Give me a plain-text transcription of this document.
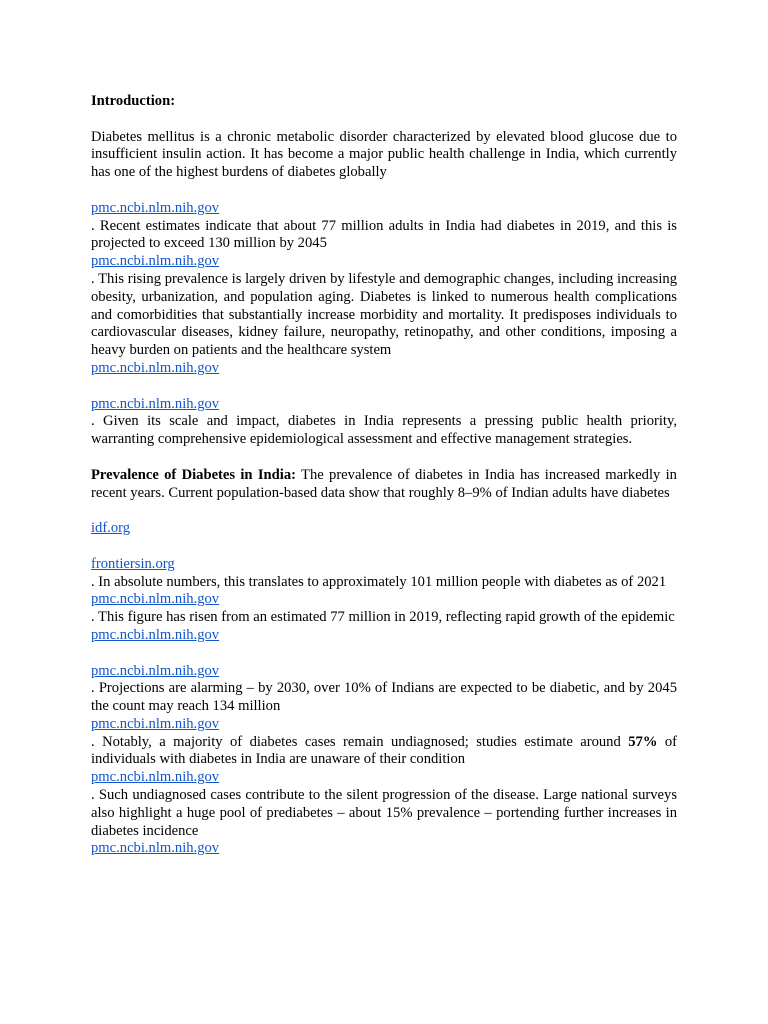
Introduction:

Diabetes mellitus is a chronic metabolic disorder characterized by elevated blood glucose due to insufficient insulin action. It has become a major public health challenge in India, which currently has one of the highest burdens of diabetes globally

pmc.ncbi.nlm.nih.gov

. Recent estimates indicate that about 77 million adults in India had diabetes in 2019, and this is projected to exceed 130 million by 2045

pmc.ncbi.nlm.nih.gov

. This rising prevalence is largely driven by lifestyle and demographic changes, including increasing obesity, urbanization, and population aging. Diabetes is linked to numerous health complications and comorbidities that substantially increase morbidity and mortality. It predisposes individuals to cardiovascular diseases, kidney failure, neuropathy, retinopathy, and other conditions, imposing a heavy burden on patients and the healthcare system

pmc.ncbi.nlm.nih.gov

pmc.ncbi.nlm.nih.gov

. Given its scale and impact, diabetes in India represents a pressing public health priority, warranting comprehensive epidemiological assessment and effective management strategies.

Prevalence of Diabetes in India: The prevalence of diabetes in India has increased markedly in recent years. Current population-based data show that roughly 8–9% of Indian adults have diabetes

idf.org

frontiersin.org

. In absolute numbers, this translates to approximately 101 million people with diabetes as of 2021

pmc.ncbi.nlm.nih.gov

. This figure has risen from an estimated 77 million in 2019, reflecting rapid growth of the epidemic

pmc.ncbi.nlm.nih.gov

pmc.ncbi.nlm.nih.gov

. Projections are alarming – by 2030, over 10% of Indians are expected to be diabetic, and by 2045 the count may reach 134 million

pmc.ncbi.nlm.nih.gov

. Notably, a majority of diabetes cases remain undiagnosed; studies estimate around 57% of individuals with diabetes in India are unaware of their condition

pmc.ncbi.nlm.nih.gov

. Such undiagnosed cases contribute to the silent progression of the disease. Large national surveys also highlight a huge pool of prediabetes – about 15% prevalence – portending further increases in diabetes incidence

pmc.ncbi.nlm.nih.gov
